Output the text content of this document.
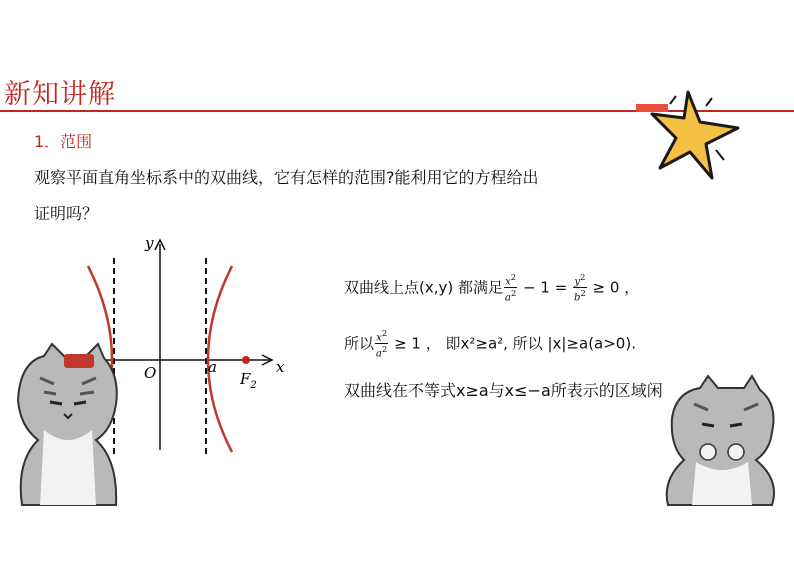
新知讲解
1．范围
观察平面直角坐标系中的双曲线，它有怎样的范围?能利用它的方程给出
证明吗？
y
x
O	a
$F_2$
双曲线上点(x,y) 都满足 $\frac{x^2}{a^2} - 1 = \frac{y^2}{b^2} \ge 0$ ，
所以 $\frac{x^2}{a^2} \ge 1$ ， 即x²≥a², 所以 |x|≥a(a>0).
双曲线在不等式x≥a与x≤−a所表示的区域闲
